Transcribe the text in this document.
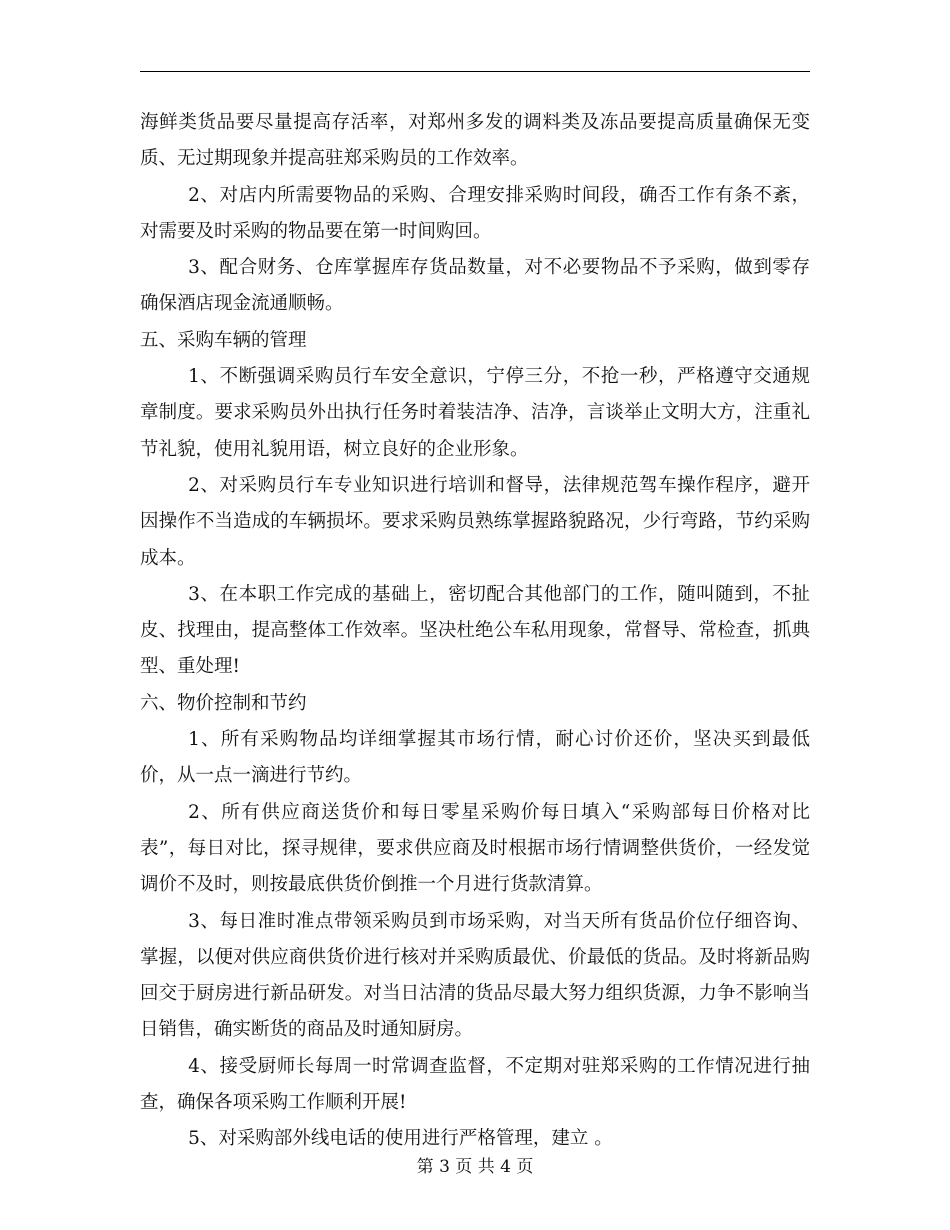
海鲜类货品要尽量提高存活率，对郑州多发的调料类及冻品要提高质量确保无变质、无过期现象并提高驻郑采购员的工作效率。

2、对店内所需要物品的采购、合理安排采购时间段，确否工作有条不紊，对需要及时采购的物品要在第一时间购回。

3、配合财务、仓库掌握库存货品数量，对不必要物品不予采购，做到零存确保酒店现金流通顺畅。

五、采购车辆的管理

1、不断强调采购员行车安全意识，宁停三分，不抢一秒，严格遵守交通规章制度。要求采购员外出执行任务时着装洁净、洁净，言谈举止文明大方，注重礼节礼貌，使用礼貌用语，树立良好的企业形象。

2、对采购员行车专业知识进行培训和督导，法律规范驾车操作程序，避开因操作不当造成的车辆损坏。要求采购员熟练掌握路貌路况，少行弯路，节约采购成本。

3、在本职工作完成的基础上，密切配合其他部门的工作，随叫随到，不扯皮、找理由，提高整体工作效率。坚决杜绝公车私用现象，常督导、常检查，抓典型、重处理!

六、物价控制和节约

1、所有采购物品均详细掌握其市场行情，耐心讨价还价，坚决买到最低价，从一点一滴进行节约。

2、所有供应商送货价和每日零星采购价每日填入“采购部每日价格对比表”，每日对比，探寻规律，要求供应商及时根据市场行情调整供货价，一经发觉调价不及时，则按最底供货价倒推一个月进行货款清算。

3、每日准时准点带领采购员到市场采购，对当天所有货品价位仔细咨询、掌握，以便对供应商供货价进行核对并采购质最优、价最低的货品。及时将新品购回交于厨房进行新品研发。对当日沽清的货品尽最大努力组织货源，力争不影响当日销售，确实断货的商品及时通知厨房。

4、接受厨师长每周一时常调查监督，不定期对驻郑采购的工作情况进行抽查，确保各项采购工作顺利开展!

5、对采购部外线电话的使用进行严格管理，建立 。

第 3 页 共 4 页
